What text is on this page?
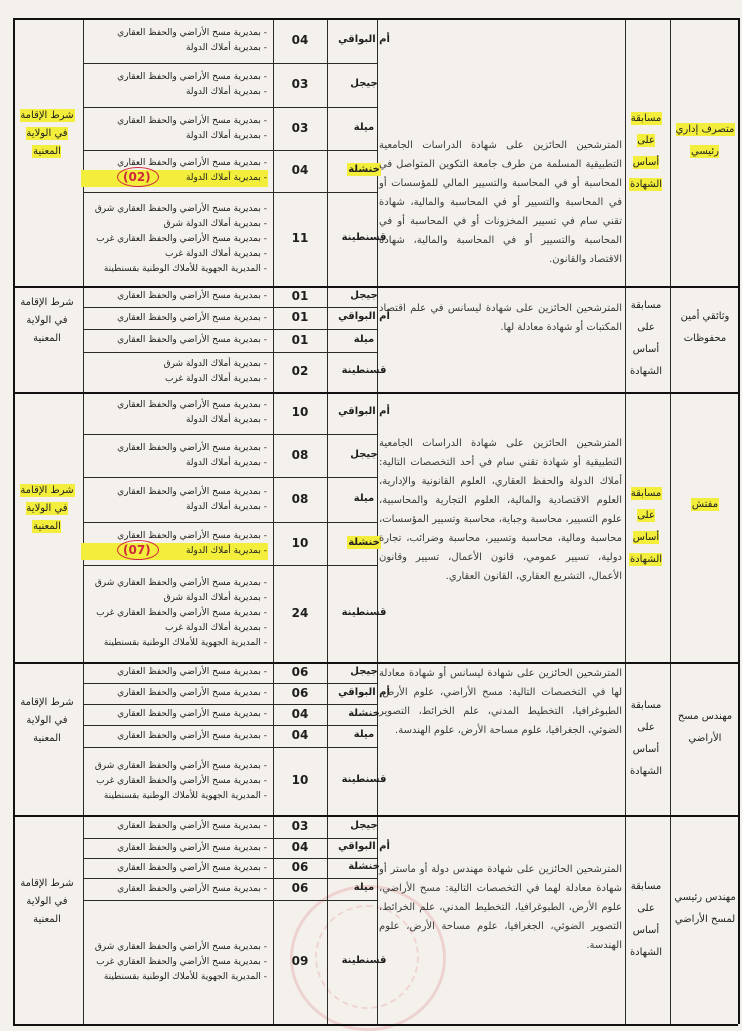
أم البواقي
04
- بمديرية مسح الأراضي والحفظ العقاري
- بمديرية أملاك الدولة
جيجل
03
- بمديرية مسح الأراضي والحفظ العقاري
- بمديرية أملاك الدولة
ميلة
03
- بمديرية مسح الأراضي والحفظ العقاري
- بمديرية أملاك الدولة
خنشلة
04
- بمديرية مسح الأراضي والحفظ العقاري
- بمديرية أملاك الدولة
(02)
قسنطينة
11
- بمديرية مسح الأراضي والحفظ العقاري شرق
- بمديرية أملاك الدولة شرق
- بمديرية مسح الأراضي والحفظ العقاري غرب
- بمديرية أملاك الدولة غرب
- المديرية الجهوية للأملاك الوطنية بقسنطينة
شرط الإقامة في الولاية المعنية
المترشحين الحائزين على شهادة الدراسات الجامعية التطبيقية المسلمة من طرف جامعة التكوين المتواصل في المحاسبة أو في المحاسبة والتسيير المالي للمؤسسات أو في المحاسبة والتسيير أو في المحاسبة والمالية، شهادة تقني سام في تسيير المخزونات أو في المحاسبة أو في المحاسبة والتسيير أو في المحاسبة والمالية، شهادة الاقتصاد والقانون.
مسابقة على أساس الشهادة
متصرف إداري رئيسي
جيجل
01
- بمديرية مسح الأراضي والحفظ العقاري
أم البواقي
01
- بمديرية مسح الأراضي والحفظ العقاري
ميلة
01
- بمديرية مسح الأراضي والحفظ العقاري
قسنطينة
02
- بمديرية أملاك الدولة شرق
- بمديرية أملاك الدولة غرب
شرط الإقامة في الولاية المعنية
المترشحين الحائزين على شهادة ليسانس في علم اقتصاد المكتبات أو شهادة معادلة لها.
مسابقة على أساس الشهادة
وثائقي أمين محفوظات
أم البواقي
10
- بمديرية مسح الأراضي والحفظ العقاري
- بمديرية أملاك الدولة
جيجل
08
- بمديرية مسح الأراضي والحفظ العقاري
- بمديرية أملاك الدولة
ميلة
08
- بمديرية مسح الأراضي والحفظ العقاري
- بمديرية أملاك الدولة
خنشلة
10
- بمديرية مسح الأراضي والحفظ العقاري
- بمديرية أملاك الدولة
(07)
قسنطينة
24
- بمديرية مسح الأراضي والحفظ العقاري شرق
- بمديرية أملاك الدولة شرق
- بمديرية مسح الأراضي والحفظ العقاري غرب
- بمديرية أملاك الدولة غرب
- المديرية الجهوية للأملاك الوطنية بقسنطينة
شرط الإقامة في الولاية المعنية
المترشحين الحائزين على شهادة الدراسات الجامعية التطبيقية أو شهادة تقني سام في أحد التخصصات التالية: أملاك الدولة والحفظ العقاري، العلوم القانونية والإدارية، العلوم الاقتصادية والمالية، العلوم التجارية والمحاسبية، علوم التسيير، محاسبة وجباية، محاسبة وتسيير المؤسسات، محاسبة ومالية، محاسبة وتسيير، محاسبة وضرائب، تجارة دولية، تسيير عمومي، قانون الأعمال، تسيير وقانون الأعمال، التشريع العقاري، القانون العقاري.
مسابقة على أساس الشهادة
مفتش
جيجل
06
- بمديرية مسح الأراضي والحفظ العقاري
أم البواقي
06
- بمديرية مسح الأراضي والحفظ العقاري
خنشلة
04
- بمديرية مسح الأراضي والحفظ العقاري
ميلة
04
- بمديرية مسح الأراضي والحفظ العقاري
قسنطينة
10
- بمديرية مسح الأراضي والحفظ العقاري شرق
- بمديرية مسح الأراضي والحفظ العقاري غرب
- المديرية الجهوية للأملاك الوطنية بقسنطينة
شرط الإقامة في الولاية المعنية
المترشحين الحائزين على شهادة ليسانس أو شهادة معادلة لها في التخصصات التالية: مسح الأراضي، علوم الأرض، الطبوغرافيا، التخطيط المدني، علم الخرائط، التصوير الضوئي، الجغرافيا، علوم مساحة الأرض، علوم الهندسة.
مسابقة على أساس الشهادة
مهندس مسح الأراضي
جيجل
03
- بمديرية مسح الأراضي والحفظ العقاري
أم البواقي
04
- بمديرية مسح الأراضي والحفظ العقاري
خنشلة
06
- بمديرية مسح الأراضي والحفظ العقاري
ميلة
06
- بمديرية مسح الأراضي والحفظ العقاري
قسنطينة
09
- بمديرية مسح الأراضي والحفظ العقاري شرق
- بمديرية مسح الأراضي والحفظ العقاري غرب
- المديرية الجهوية للأملاك الوطنية بقسنطينة
شرط الإقامة في الولاية المعنية
المترشحين الحائزين على شهادة مهندس دولة أو ماستر أو شهادة معادلة لهما في التخصصات التالية: مسح الأراضي، علوم الأرض، الطبوغرافيا، التخطيط المدني، علم الخرائط، التصوير الضوئي، الجغرافيا، علوم مساحة الأرض، علوم الهندسة.
مسابقة على أساس الشهادة
مهندس رئيسي لمسح الأراضي
